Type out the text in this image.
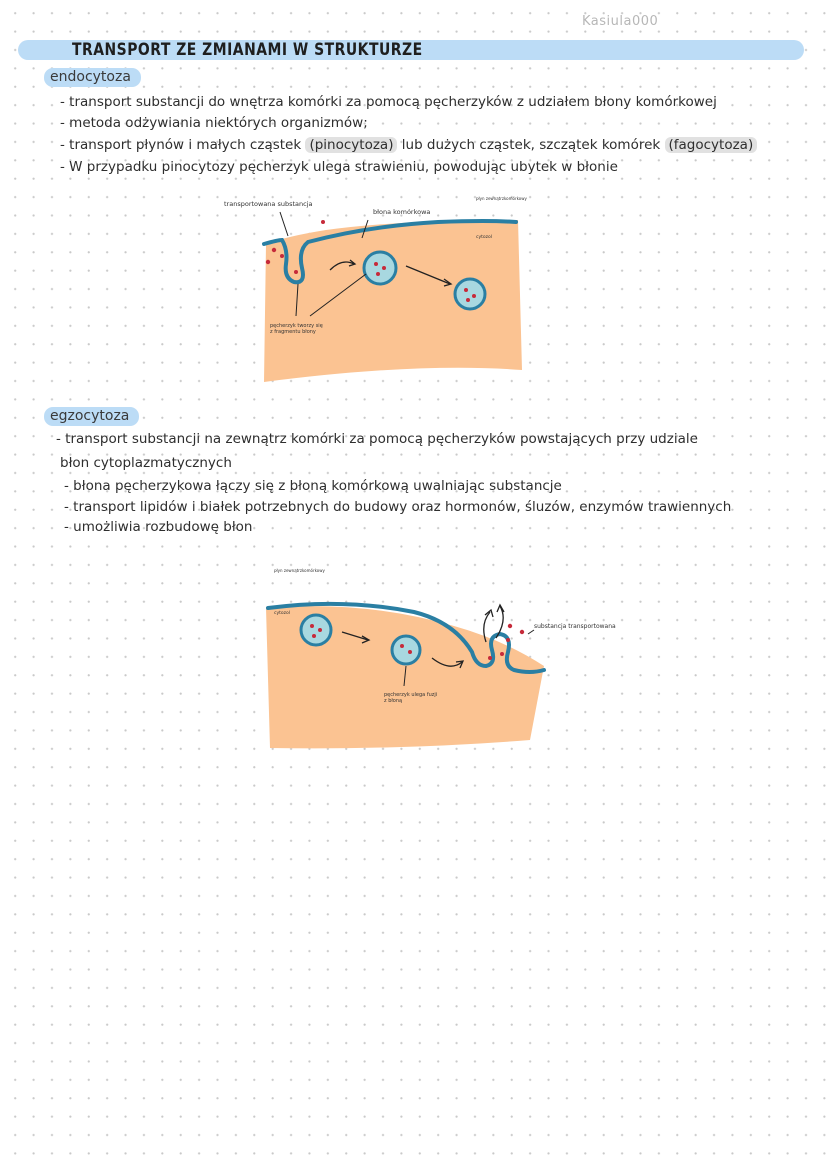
Kasiula000
TRANSPORT ZE ZMIANAMI W STRUKTURZE
endocytoza
- transport substancji do wnętrza komórki za pomocą pęcherzyków z udziałem błony komórkowej
- metoda odżywiania niektórych organizmów;
- transport płynów i małych cząstek (pinocytoza) lub dużych cząstek, szczątek komórek (fagocytoza)
- W przypadku pinocytozy pęcherzyk ulega strawieniu, powodując ubytek w błonie
transportowana substancja
błona komórkowa
płyn zewnątrzkomórkowy
cytozol
pęcherzyk tworzy się z fragmentu błony
egzocytoza
- transport substancji na zewnątrz komórki za pomocą pęcherzyków powstających przy udziale
błon cytoplazmatycznych
- błona pęcherzykowa łączy się z błoną komórkową uwalniając substancje
- transport lipidów i białek potrzebnych do budowy oraz hormonów, śluzów, enzymów trawiennych
- umożliwia rozbudowę błon
płyn zewnątrzkomórkowy
cytozol
substancja transportowana
pęcherzyk ulega fuzji z błoną
